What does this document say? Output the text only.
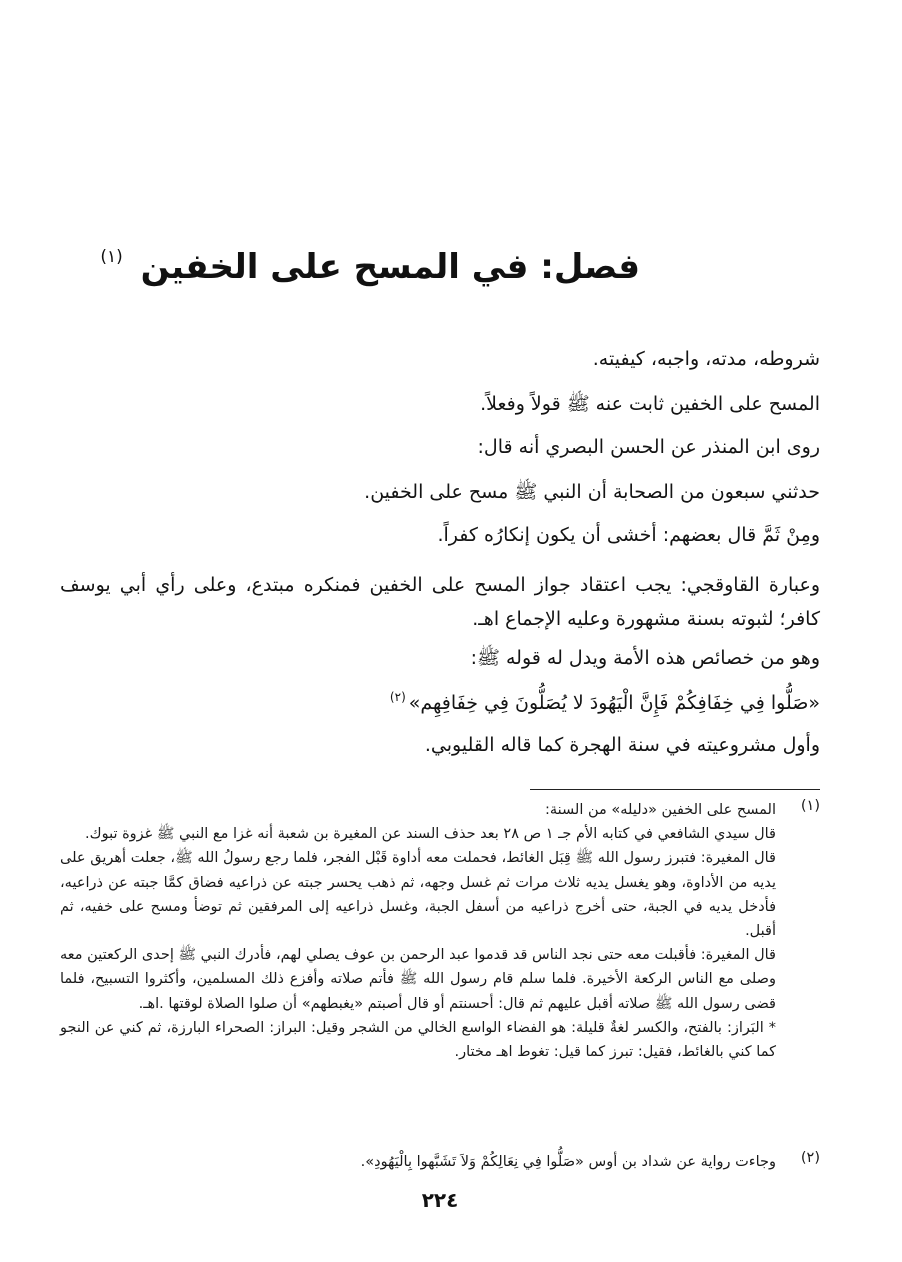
فصل: في المسح على الخفين $^{(١)}$

شروطه، مدته، واجبه، كيفيته.

المسح على الخفين ثابت عنه ﷺ قولاً وفعلاً.

روى ابن المنذر عن الحسن البصري أنه قال:

حدثني سبعون من الصحابة أن النبي ﷺ مسح على الخفين.

ومِنْ ثَمَّ قال بعضهم: أخشى أن يكون إنكارُه كفراً.

وعبارة القاوقجي: يجب اعتقاد جواز المسح على الخفين فمنكره مبتدع، وعلى رأي أبي يوسف كافر؛ لثبوته بسنة مشهورة وعليه الإجماع اهـ.

وهو من خصائص هذه الأمة ويدل له قوله ﷺ:

«صَلُّوا فِي خِفَافِكُمْ فَإِنَّ الْيَهُودَ لا يُصَلُّونَ فِي خِفَافِهِم»$^{(٢)}$

وأول مشروعيته في سنة الهجرة كما قاله القليوبي.

(١)

المسح على الخفين «دليله» من السنة:

قال سيدي الشافعي في كتابه الأم جـ ١ ص ٢٨ بعد حذف السند عن المغيرة بن شعبة أنه غزا مع النبي ﷺ غزوة تبوك.

قال المغيرة: فتبرز رسول الله ﷺ قِبَل الغائط، فحملت معه أداوة قَبْل الفجر، فلما رجع رسولُ الله ﷺ، جعلت أهريق على يديه من الأداوة، وهو يغسل يديه ثلاث مرات ثم غسل وجهه، ثم ذهب يحسر جبته عن ذراعيه فضاق كمَّا جبته عن ذراعيه، فأدخل يديه في الجبة، حتى أخرج ذراعيه من أسفل الجبة، وغسل ذراعيه إلى المرفقين ثم توضأ ومسح على خفيه، ثم أقبل.

قال المغيرة: فأقبلت معه حتى نجد الناس قد قدموا عبد الرحمن بن عوف يصلي لهم، فأدرك النبي ﷺ إحدى الركعتين معه وصلى مع الناس الركعة الأخيرة. فلما سلم قام رسول الله ﷺ فأتم صلاته وأفزع ذلك المسلمين، وأكثروا التسبيح، فلما قضى رسول الله ﷺ صلاته أقبل عليهم ثم قال: أحسنتم أو قال أصبتم «يغبطهم» أن صلوا الصلاة لوقتها .اهـ.

* البَراز: بالفتح، والكسر لغةٌ قليلة: هو الفضاء الواسع الخالي من الشجر وقيل: البراز: الصحراء البارزة، ثم كني عن النجو كما كني بالغائط، فقيل: تبرز كما قيل: تغوط اهـ مختار.

(٢)

وجاءت رواية عن شداد بن أوس «صَلُّوا فِي نِعَالِكُمْ وَلاَ تَشَبَّهوا بِالْيَهُودِ».

٢٢٤
